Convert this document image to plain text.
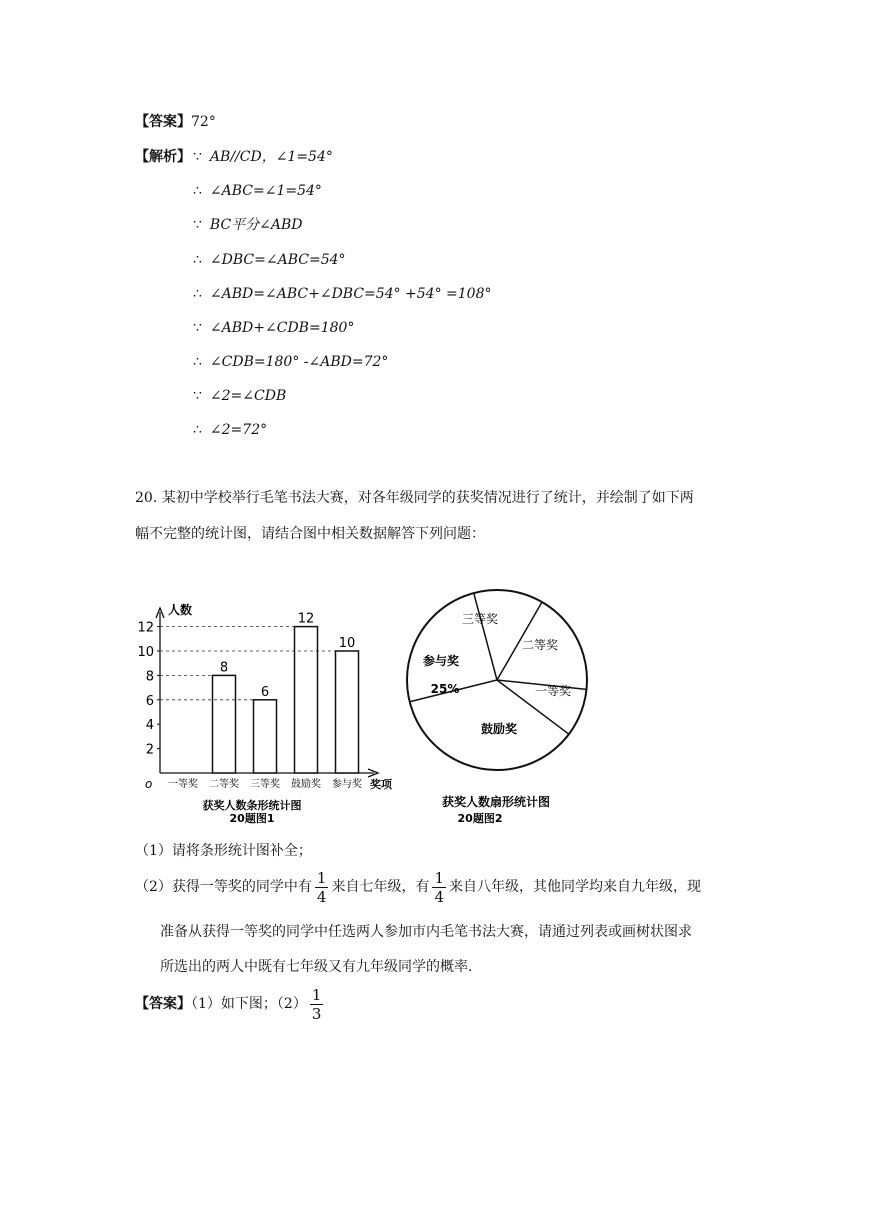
【答案】72°
【解析】 ∵ AB//CD，∠1=54°
∴ ∠ABC=∠1=54°
∵ BC平分∠ABD
∴ ∠DBC=∠ABC=54°
∴ ∠ABD=∠ABC+∠DBC=54° +54° =108°
∵ ∠ABD+∠CDB=180°
∴ ∠CDB=180° -∠ABD=72°
∵ ∠2=∠CDB
∴ ∠2=72°
20. 某初中学校举行毛笔书法大赛，对各年级同学的获奖情况进行了统计，并绘制了如下两
幅不完整的统计图，请结合图中相关数据解答下列问题：
2
4
6
8
10
12
一等奖 二等奖
8
三等奖
6
鼓励奖
12
参与奖
10
人数
奖项
o
获奖人数条形统计图
20题图1
三等奖
二等奖
一等奖
鼓励奖
参与奖
25%
获奖人数扇形统计图
20题图2
（1）请将条形统计图补全；
（2）获得一等奖的同学中有 $\frac{1}{4}$ 来自七年级，有 $\frac{1}{4}$ 来自八年级，其他同学均来自九年级，现
准备从获得一等奖的同学中任选两人参加市内毛笔书法大赛，请通过列表或画树状图求
所选出的两人中既有七年级又有九年级同学的概率.
【答案】（1）如下图；$(2) \frac{1}{3}$
